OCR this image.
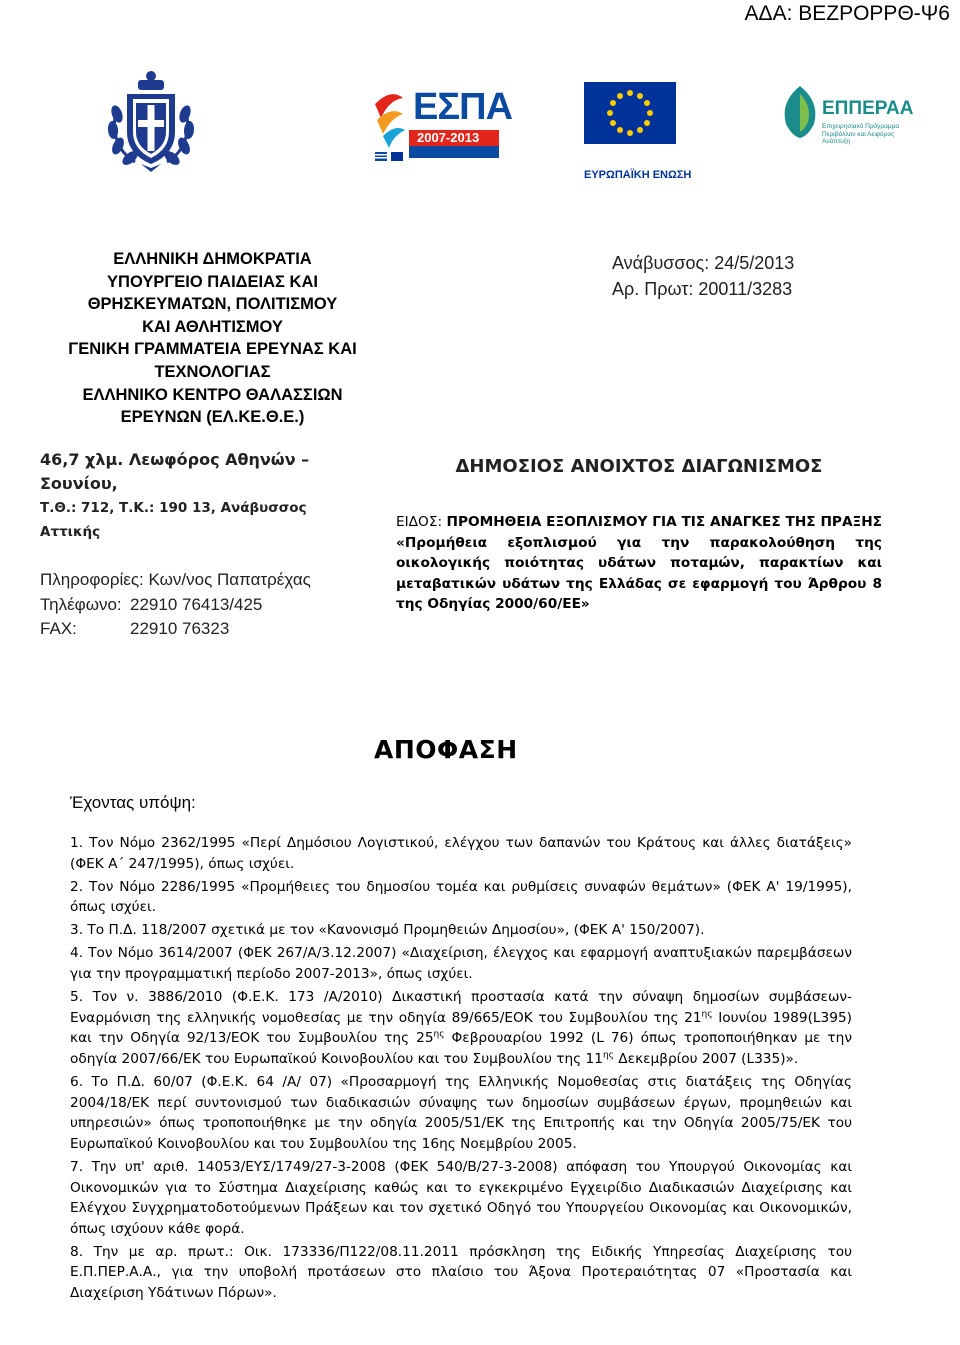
ΑΔΑ: ΒΕΖΡΟΡΡΘ-Ψ6
ΕΣΠΑ
2007-2013
ΕΥΡΩΠΑΪΚΗ ΕΝΩΣΗ
ΕΠΠΕΡΑΑ
Επιχειρησιακό Πρόγραμμα Περιβάλλον και Αειφόρος Ανάπτυξη
ΕΛΛΗΝΙΚΗ ΔΗΜΟΚΡΑΤΙΑ
ΥΠΟΥΡΓΕΙΟ ΠΑΙΔΕΙΑΣ ΚΑΙ
ΘΡΗΣΚΕΥΜΑΤΩΝ, ΠΟΛΙΤΙΣΜΟΥ
ΚΑΙ ΑΘΛΗΤΙΣΜΟΥ
ΓΕΝΙΚΗ ΓΡΑΜΜΑΤΕΙΑ ΕΡΕΥΝΑΣ ΚΑΙ
ΤΕΧΝΟΛΟΓΙΑΣ
ΕΛΛΗΝΙΚΟ ΚΕΝΤΡΟ ΘΑΛΑΣΣΙΩΝ
ΕΡΕΥΝΩΝ (ΕΛ.ΚΕ.Θ.Ε.)
Ανάβυσσος: 24/5/2013
Αρ. Πρωτ: 20011/3283
46,7 χλμ. Λεωφόρος Αθηνών – Σουνίου,
Τ.Θ.: 712, Τ.Κ.: 190 13, Ανάβυσσος
Αττικής
Πληροφορίες: Κων/νος Παπατρέχας
Τηλέφωνο: 22910 76413/425
FAX:	22910 76323
ΔΗΜΟΣΙΟΣ ΑΝΟΙΧΤΟΣ ΔΙΑΓΩΝΙΣΜΟΣ
ΕΙΔΟΣ: ΠΡΟΜΗΘΕΙΑ ΕΞΟΠΛΙΣΜΟΥ ΓΙΑ ΤΙΣ ΑΝΑΓΚΕΣ ΤΗΣ ΠΡΑΞΗΣ «Προμήθεια εξοπλισμού για την παρακολούθηση της οικολογικής ποιότητας υδάτων ποταμών, παρακτίων και μεταβατικών υδάτων της Ελλάδας σε εφαρμογή του Άρθρου 8 της Οδηγίας 2000/60/ΕΕ»
ΑΠΟΦΑΣΗ
Έχοντας υπόψη:

1. Τον Νόμο 2362/1995 «Περί Δημόσιου Λογιστικού, ελέγχου των δαπανών του Κράτους και άλλες διατάξεις» (ΦΕΚ Α΄ 247/1995), όπως ισχύει.

2. Τον Νόμο 2286/1995 «Προμήθειες του δημοσίου τομέα και ρυθμίσεις συναφών θεμάτων» (ΦΕΚ Α' 19/1995), όπως ισχύει.

3. Το Π.Δ. 118/2007 σχετικά με τον «Κανονισμό Προμηθειών Δημοσίου», (ΦΕΚ Α' 150/2007).

4. Τον Νόμο 3614/2007 (ΦΕΚ 267/Α/3.12.2007) «Διαχείριση, έλεγχος και εφαρμογή αναπτυξιακών παρεμβάσεων για την προγραμματική περίοδο 2007-2013», όπως ισχύει.

5. Τον ν. 3886/2010 (Φ.Ε.Κ. 173 /Α/2010) Δικαστική προστασία κατά την σύναψη δημοσίων συμβάσεων- Εναρμόνιση της ελληνικής νομοθεσίας με την οδηγία 89/665/ΕΟΚ του Συμβουλίου της $21^{\eta\varsigma}$ Ιουνίου 1989(L395) και την Οδηγία 92/13/ΕΟΚ του Συμβουλίου της $25^{\eta\varsigma}$ Φεβρουαρίου 1992 (L 76) όπως τροποποιήθηκαν με την οδηγία 2007/66/ΕΚ του Ευρωπαϊκού Κοινοβουλίου και του Συμβουλίου της $11^{\eta\varsigma}$ Δεκεμβρίου 2007 (L335)».

6. Το Π.Δ. 60/07 (Φ.Ε.Κ. 64 /Α/ 07) «Προσαρμογή της Ελληνικής Νομοθεσίας στις διατάξεις της Οδηγίας 2004/18/ΕΚ περί συντονισμού των διαδικασιών σύναψης των δημοσίων συμβάσεων έργων, προμηθειών και υπηρεσιών» όπως τροποποιήθηκε με την οδηγία 2005/51/ΕΚ της Επιτροπής και την Οδηγία 2005/75/ΕΚ του Ευρωπαϊκού Κοινοβουλίου και του Συμβουλίου της 16ης Νοεμβρίου 2005.

7. Την υπ' αριθ. 14053/ΕΥΣ/1749/27-3-2008 (ΦΕΚ 540/Β/27-3-2008) απόφαση του Υπουργού Οικονομίας και Οικονομικών για το Σύστημα Διαχείρισης καθώς και το εγκεκριμένο Εγχειρίδιο Διαδικασιών Διαχείρισης και Ελέγχου Συγχρηματοδοτούμενων Πράξεων και τον σχετικό Οδηγό του Υπουργείου Οικονομίας και Οικονομικών, όπως ισχύουν κάθε φορά.

8. Την με αρ. πρωτ.: Οικ. 173336/Π122/08.11.2011 πρόσκληση της Ειδικής Υπηρεσίας Διαχείρισης του Ε.Π.ΠΕΡ.Α.Α., για την υποβολή προτάσεων στο πλαίσιο του Άξονα Προτεραιότητας 07 «Προστασία και Διαχείριση Υδάτινων Πόρων».
